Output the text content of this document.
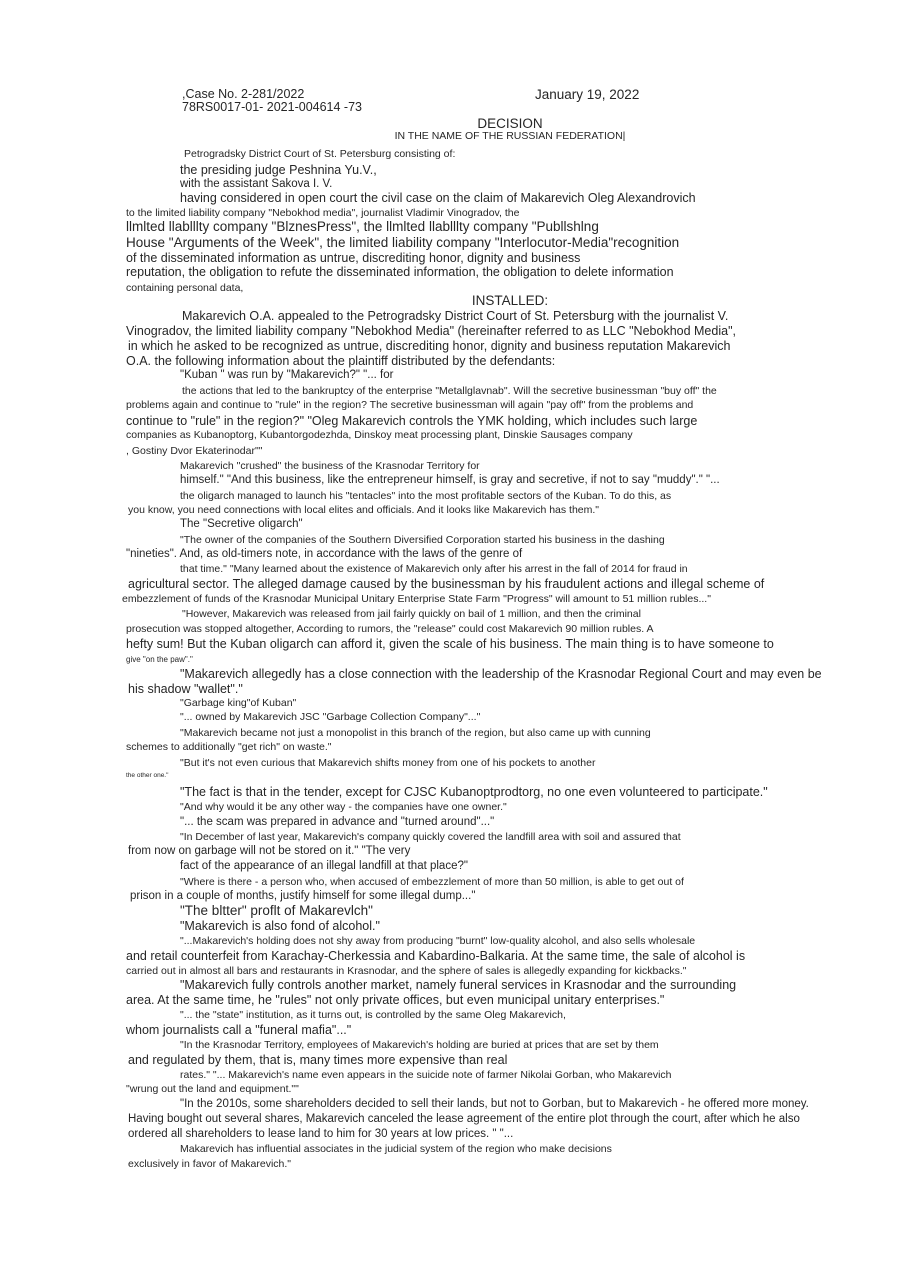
,Case No. 2-281/2022
78RS0017-01- 2021-004614 -73
January 19, 2022
DECISION
IN THE NAME OF THE RUSSIAN FEDERATION|
Petrogradsky District Court of St. Petersburg consisting of:
the presiding judge Peshnina Yu.V.,
with the assistant Sakova I. V.
having considered in open court the civil case on the claim of Makarevich Oleg Alexandrovich
to the limited liability company "Nebokhod media", journalist Vladimir Vinogradov, the
llmlted llablllty company "BlznesPress", the llmlted llablllty company "Publlshlng
House "Arguments of the Week", the limited liability company "Interlocutor-Media"recognition
of the disseminated information as untrue, discrediting honor, dignity and business
reputation, the obligation to refute the disseminated information, the obligation to delete information
containing personal data,
INSTALLED:
Makarevich O.A. appealed to the Petrogradsky District Court of St. Petersburg with the journalist V.
Vinogradov, the limited liability company "Nebokhod Media" (hereinafter referred to as LLC "Nebokhod Media",
in which he asked to be recognized as untrue, discrediting honor, dignity and business reputation Makarevich
O.A. the following information about the plaintiff distributed by the defendants:
"Kuban " was run by "Makarevich?" "... for
the actions that led to the bankruptcy of the enterprise "Metallglavnab". Will the secretive businessman "buy off" the
problems again and continue to "rule" in the region? The secretive businessman will again "pay off" from the problems and
continue to "rule" in the region?" "Oleg Makarevich controls the YMK holding, which includes such large
companies as Kubanoptorg, Kubantorgodezhda, Dinskoy meat processing plant, Dinskie Sausages company
, Gostiny Dvor Ekaterinodar""
Makarevich "crushed" the business of the Krasnodar Territory for
himself." "And this business, like the entrepreneur himself, is gray and secretive, if not to say "muddy"." "...
the oligarch managed to launch his "tentacles" into the most profitable sectors of the Kuban. To do this, as
you know, you need connections with local elites and officials. And it looks like Makarevich has them."
The "Secretive oligarch"
"The owner of the companies of the Southern Diversified Corporation started his business in the dashing
"nineties". And, as old-timers note, in accordance with the laws of the genre of
that time." "Many learned about the existence of Makarevich only after his arrest in the fall of 2014 for fraud in
agricultural sector. The alleged damage caused by the businessman by his fraudulent actions and illegal scheme of
embezzlement of funds of the Krasnodar Municipal Unitary Enterprise State Farm "Progress" will amount to 51 million rubles..."
"However, Makarevich was released from jail fairly quickly on bail of 1 million, and then the criminal
prosecution was stopped altogether, According to rumors, the "release" could cost Makarevich 90 million rubles. A
hefty sum! But the Kuban oligarch can afford it, given the scale of his business. The main thing is to have someone to
give "on the paw"."
"Makarevich allegedly has a close connection with the leadership of the Krasnodar Regional Court and may even be
his shadow "wallet"."
"Garbage king"of Kuban"
"... owned by Makarevich JSC "Garbage Collection Company"..."
"Makarevich became not just a monopolist in this branch of the region, but also came up with cunning
schemes to additionally "get rich" on waste."
"But it's not even curious that Makarevich shifts money from one of his pockets to another
the other one."
"The fact is that in the tender, except for CJSC Kubanoptprodtorg, no one even volunteered to participate."
"And why would it be any other way - the companies have one owner."
"... the scam was prepared in advance and "turned around"..."
"In December of last year, Makarevich's company quickly covered the landfill area with soil and assured that
from now on garbage will not be stored on it." "The very
fact of the appearance of an illegal landfill at that place?"
"Where is there - a person who, when accused of embezzlement of more than 50 million, is able to get out of
prison in a couple of months, justify himself for some illegal dump..."
"The bltter" proflt of Makarevlch"
"Makarevich is also fond of alcohol."
"...Makarevich's holding does not shy away from producing "burnt" low-quality alcohol, and also sells wholesale
and retail counterfeit from Karachay-Cherkessia and Kabardino-Balkaria. At the same time, the sale of alcohol is
carried out in almost all bars and restaurants in Krasnodar, and the sphere of sales is allegedly expanding for kickbacks."
"Makarevich fully controls another market, namely funeral services in Krasnodar and the surrounding
area. At the same time, he "rules" not only private offices, but even municipal unitary enterprises."
"... the "state" institution, as it turns out, is controlled by the same Oleg Makarevich,
whom journalists call a "funeral mafia"..."
"In the Krasnodar Territory, employees of Makarevich's holding are buried at prices that are set by them
and regulated by them, that is, many times more expensive than real
rates." "... Makarevich's name even appears in the suicide note of farmer Nikolai Gorban, who Makarevich
"wrung out the land and equipment.""
"In the 2010s, some shareholders decided to sell their lands, but not to Gorban, but to Makarevich - he offered more money.
Having bought out several shares, Makarevich canceled the lease agreement of the entire plot through the court, after which he also
ordered all shareholders to lease land to him for 30 years at low prices. " "...
Makarevich has influential associates in the judicial system of the region who make decisions
exclusively in favor of Makarevich."
